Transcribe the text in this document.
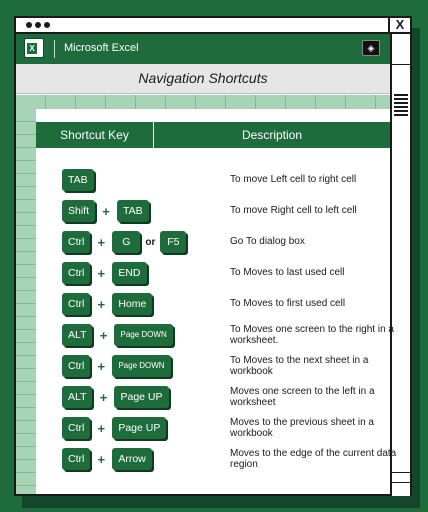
X
X	Microsoft Excel	◈
Navigation Shortcuts
Shortcut Key	Description
TAB	To move Left cell to right cell
Shift	+	TAB	To move Right cell to left cell
Ctrl	+	G	or	F5	Go To dialog box
Ctrl	+	END	To Moves to last used cell
Ctrl	+	Home	To Moves to first used cell
ALT	+	Page DOWN	To Moves one screen to the right in a worksheet.
Ctrl	+	Page DOWN	To Moves to the next sheet in a workbook
ALT	+	Page UP	Moves one screen to the left in a worksheet
Ctrl	+	Page UP	Moves to the previous sheet in a workbook
Ctrl	+	Arrow	Moves to the edge of the current data region
